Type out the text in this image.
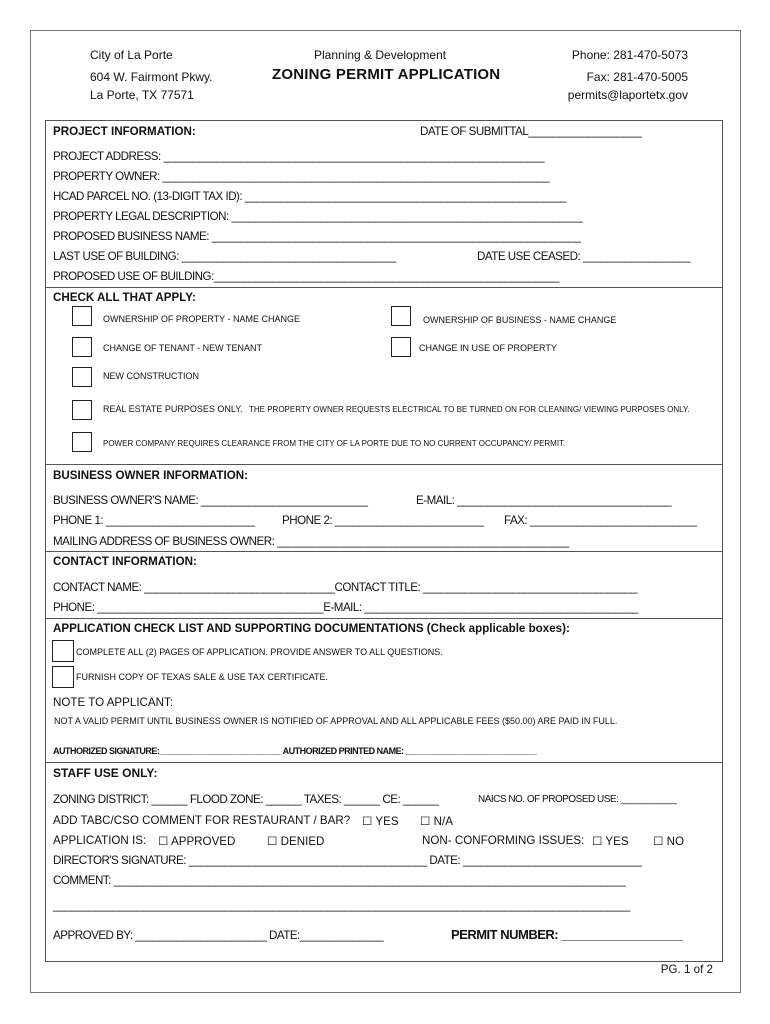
City of La Porte
604 W. Fairmont Pkwy.
La Porte, TX 77571
Planning & Development
ZONING PERMIT APPLICATION
Phone: 281-470-5073
Fax: 281-470-5005
permits@laportetx.gov
PROJECT INFORMATION:	DATE OF SUBMITTAL___________________
PROJECT ADDRESS: ________________________________________________________________
PROPERTY OWNER: _________________________________________________________________
HCAD PARCEL NO. (13-DIGIT TAX ID): ______________________________________________________
PROPERTY LEGAL DESCRIPTION: ___________________________________________________________
PROPOSED BUSINESS NAME: ______________________________________________________________
LAST USE OF BUILDING: ____________________________________	DATE USE CEASED: __________________
PROPOSED USE OF BUILDING:__________________________________________________________
CHECK ALL THAT APPLY:
OWNERSHIP OF PROPERTY - NAME CHANGE	OWNERSHIP OF BUSINESS - NAME CHANGE
CHANGE OF TENANT - NEW TENANT	CHANGE IN USE OF PROPERTY
NEW CONSTRUCTION
REAL ESTATE PURPOSES ONLY. THE PROPERTY OWNER REQUESTS ELECTRICAL TO BE TURNED ON FOR CLEANING/ VIEWING PURPOSES ONLY.
POWER COMPANY REQUIRES CLEARANCE FROM THE CITY OF LA PORTE DUE TO NO CURRENT OCCUPANCY/ PERMIT.
BUSINESS OWNER INFORMATION:
BUSINESS OWNER'S NAME: ____________________________	E-MAIL: ____________________________________
PHONE 1: _________________________ PHONE 2: _________________________ FAX: ____________________________
MAILING ADDRESS OF BUSINESS OWNER: _________________________________________________
CONTACT INFORMATION:
CONTACT NAME: ________________________________CONTACT TITLE: ____________________________________
PHONE: ______________________________________E-MAIL: ______________________________________________
APPLICATION CHECK LIST AND SUPPORTING DOCUMENTATIONS (Check applicable boxes):
COMPLETE ALL (2) PAGES OF APPLICATION. PROVIDE ANSWER TO ALL QUESTIONS.
FURNISH COPY OF TEXAS SALE & USE TAX CERTIFICATE.
NOTE TO APPLICANT:
NOT A VALID PERMIT UNTIL BUSINESS OWNER IS NOTIFIED OF APPROVAL AND ALL APPLICABLE FEES ($50.00) ARE PAID IN FULL.
AUTHORIZED SIGNATURE:___________________________ AUTHORIZED PRINTED NAME: _____________________________
STAFF USE ONLY:
ZONING DISTRICT: ______ FLOOD ZONE: ______ TAXES: ______ CE: ______	NAICS NO. OF PROPOSED USE: ___________
ADD TABC/CSO COMMENT FOR RESTAURANT / BAR? ☐ YES ☐ N/A
APPLICATION IS: ☐ APPROVED	☐ DENIED	NON- CONFORMING ISSUES: ☐ YES ☐ NO
DIRECTOR'S SIGNATURE: ________________________________________ DATE: ______________________________
COMMENT: ______________________________________________________________________________________
_________________________________________________________________________________________________
APPROVED BY: ______________________ DATE:______________	PERMIT NUMBER: __________________
PG. 1 of 2
